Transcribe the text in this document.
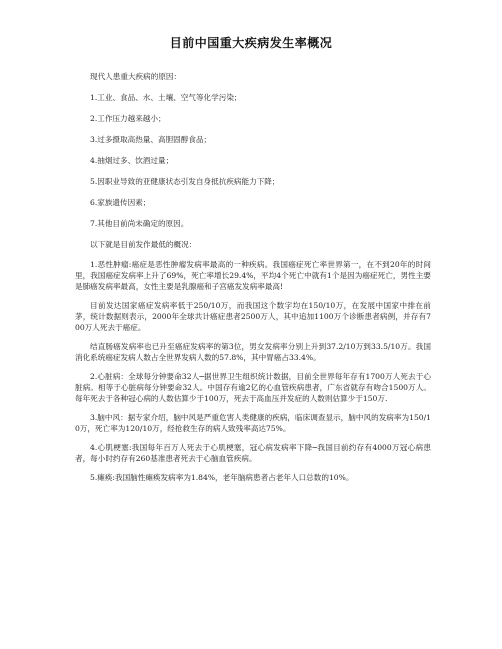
目前中国重大疾病发生率概况
现代人患重大疾病的原因：
1.工业、食品、水、土壤、空气等化学污染；
2.工作压力越来越小；
3.过多摄取高热量、高胆固醇食品；
4.抽烟过多、饮酒过量；
5.因职业导致的亚健康状态引发自身抵抗疾病能力下降；
6.家族遗传因素；
7.其他目前尚未确定的原因。
以下就是目前发作最低的概况：
1.恶性肿瘤:癌症是恶性肿瘤发病率最高的一种疾病。我国癌症死亡率世界第一，在不到20年的时间里，我国癌症发病率上升了69%，死亡率增长29.4%，平均4个死亡中就有1个是因为癌症死亡，男性主要是肺癌发病率最高，女性主要是乳腺癌和子宫癌发发病率最高!
目前发达国家癌症发病率低于250/10万，而我国这个数字均在150/10万，在发展中国家中排在前茅，统计数据则表示，2000年全球共计癌症患者2500万人，其中追加1100万个诊断患者病例，并存有700万人死去于癌症。
结直肠癌发病率也已升至癌症发病率的第3位，男女发病率分别上升到37.2/10万到33.5/10万。我国消化系统癌症发病人数占全世界发病人数的57.8%，其中胃癌占33.4%。
2.心脏病：全球每分钟要命32人─据世界卫生组织统计数据，目前全世界每年存有1700万人死去于心脏病。相等于心脏病每分钟要命32人。中国存有逾2亿的心血管疾病患者，广东省就存有吻合1500万人。每年死去于各种冠心病的人数估算少于100万，死去于高血压并发症的人数则估算少于150万.
3.脑中风：据专家介绍，脑中风是严重危害人类健康的疾病，临床调查显示，脑中风的发病率为150/10万，死亡率为120/10万，经抢救生存的病人致残率高达75%。
4.心肌梗塞:我国每年百万人死去于心肌梗塞，冠心病发病率下降─我国目前约存有4000万冠心病患者，每小时约存有260基准患者死去于心脑血管疾病。
5.瘫痪:我国脑性瘫痪发病率为1.84%，老年脑病患者占老年人口总数的10%。
